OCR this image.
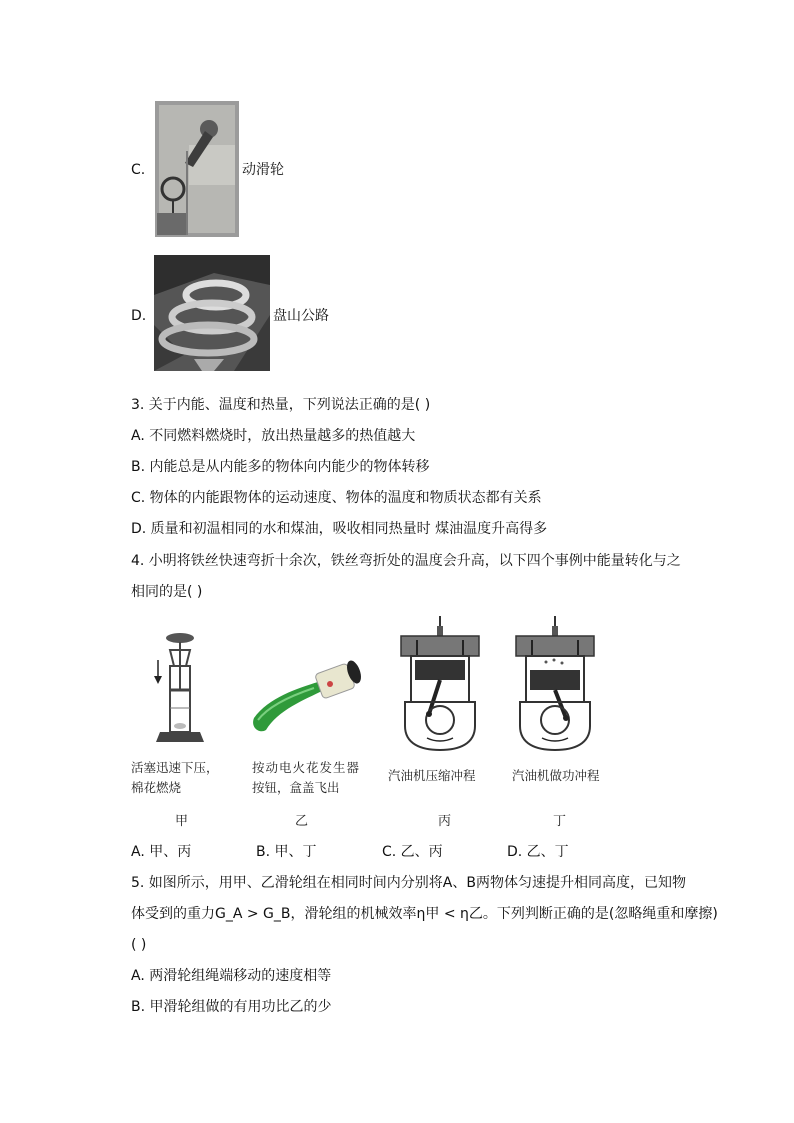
C.	动滑轮
D.	盘山公路
3. 关于内能、温度和热量，下列说法正确的是( )
A. 不同燃料燃烧时，放出热量越多的热值越大
B. 内能总是从内能多的物体向内能少的物体转移
C. 物体的内能跟物体的运动速度、物体的温度和物质状态都有关系
D. 质量和初温相同的水和煤油，吸收相同热量时 煤油温度升高得多
4. 小明将铁丝快速弯折十余次，铁丝弯折处的温度会升高，以下四个事例中能量转化与之
相同的是( )
活塞迅速下压，
棉花燃烧
甲
按动电火花发生器
按钮，盒盖飞出
乙
汽油机压缩冲程
丙
汽油机做功冲程
丁
A. 甲、丙	B. 甲、丁	C. 乙、丙	D. 乙、丁
5. 如图所示，用甲、乙滑轮组在相同时间内分别将A、B两物体匀速提升相同高度，已知物
体受到的重力G_A > G_B，滑轮组的机械效率η甲 < η乙。下列判断正确的是(忽略绳重和摩擦)
( )
A. 两滑轮组绳端移动的速度相等
B. 甲滑轮组做的有用功比乙的少
